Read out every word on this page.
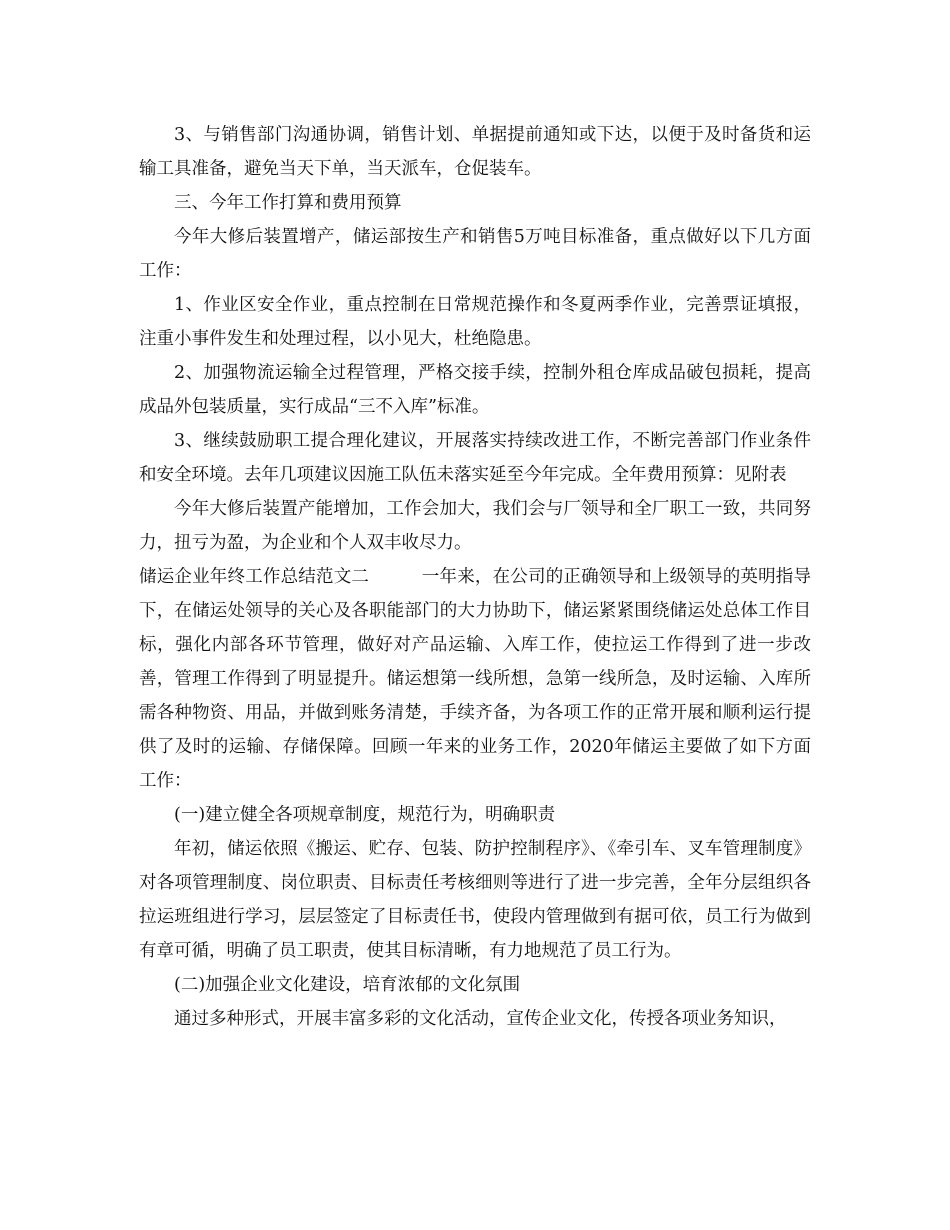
3、与销售部门沟通协调，销售计划、单据提前通知或下达，以便于及时备货和运输工具准备，避免当天下单，当天派车，仓促装车。

三、今年工作打算和费用预算

今年大修后装置增产，储运部按生产和销售5万吨目标准备，重点做好以下几方面工作：

1、作业区安全作业，重点控制在日常规范操作和冬夏两季作业，完善票证填报，注重小事件发生和处理过程，以小见大，杜绝隐患。

2、加强物流运输全过程管理，严格交接手续，控制外租仓库成品破包损耗，提高成品外包装质量，实行成品“三不入库”标准。

3、继续鼓励职工提合理化建议，开展落实持续改进工作，不断完善部门作业条件和安全环境。去年几项建议因施工队伍未落实延至今年完成。全年费用预算：见附表

今年大修后装置产能增加，工作会加大，我们会与厂领导和全厂职工一致，共同努力，扭亏为盈，为企业和个人双丰收尽力。

储运企业年终工作总结范文二	一年来，在公司的正确领导和上级领导的英明指导下，在储运处领导的关心及各职能部门的大力协助下，储运紧紧围绕储运处总体工作目标，强化内部各环节管理，做好对产品运输、入库工作，使拉运工作得到了进一步改善，管理工作得到了明显提升。储运想第一线所想，急第一线所急，及时运输、入库所需各种物资、用品，并做到账务清楚，手续齐备，为各项工作的正常开展和顺利运行提供了及时的运输、存储保障。回顾一年来的业务工作，2020年储运主要做了如下方面工作：

(一)建立健全各项规章制度，规范行为，明确职责

年初，储运依照《搬运、贮存、包装、防护控制程序》、《牵引车、叉车管理制度》对各项管理制度、岗位职责、目标责任考核细则等进行了进一步完善，全年分层组织各拉运班组进行学习，层层签定了目标责任书，使段内管理做到有据可依，员工行为做到有章可循，明确了员工职责，使其目标清晰，有力地规范了员工行为。

(二)加强企业文化建设，培育浓郁的文化氛围

通过多种形式，开展丰富多彩的文化活动，宣传企业文化，传授各项业务知识，
